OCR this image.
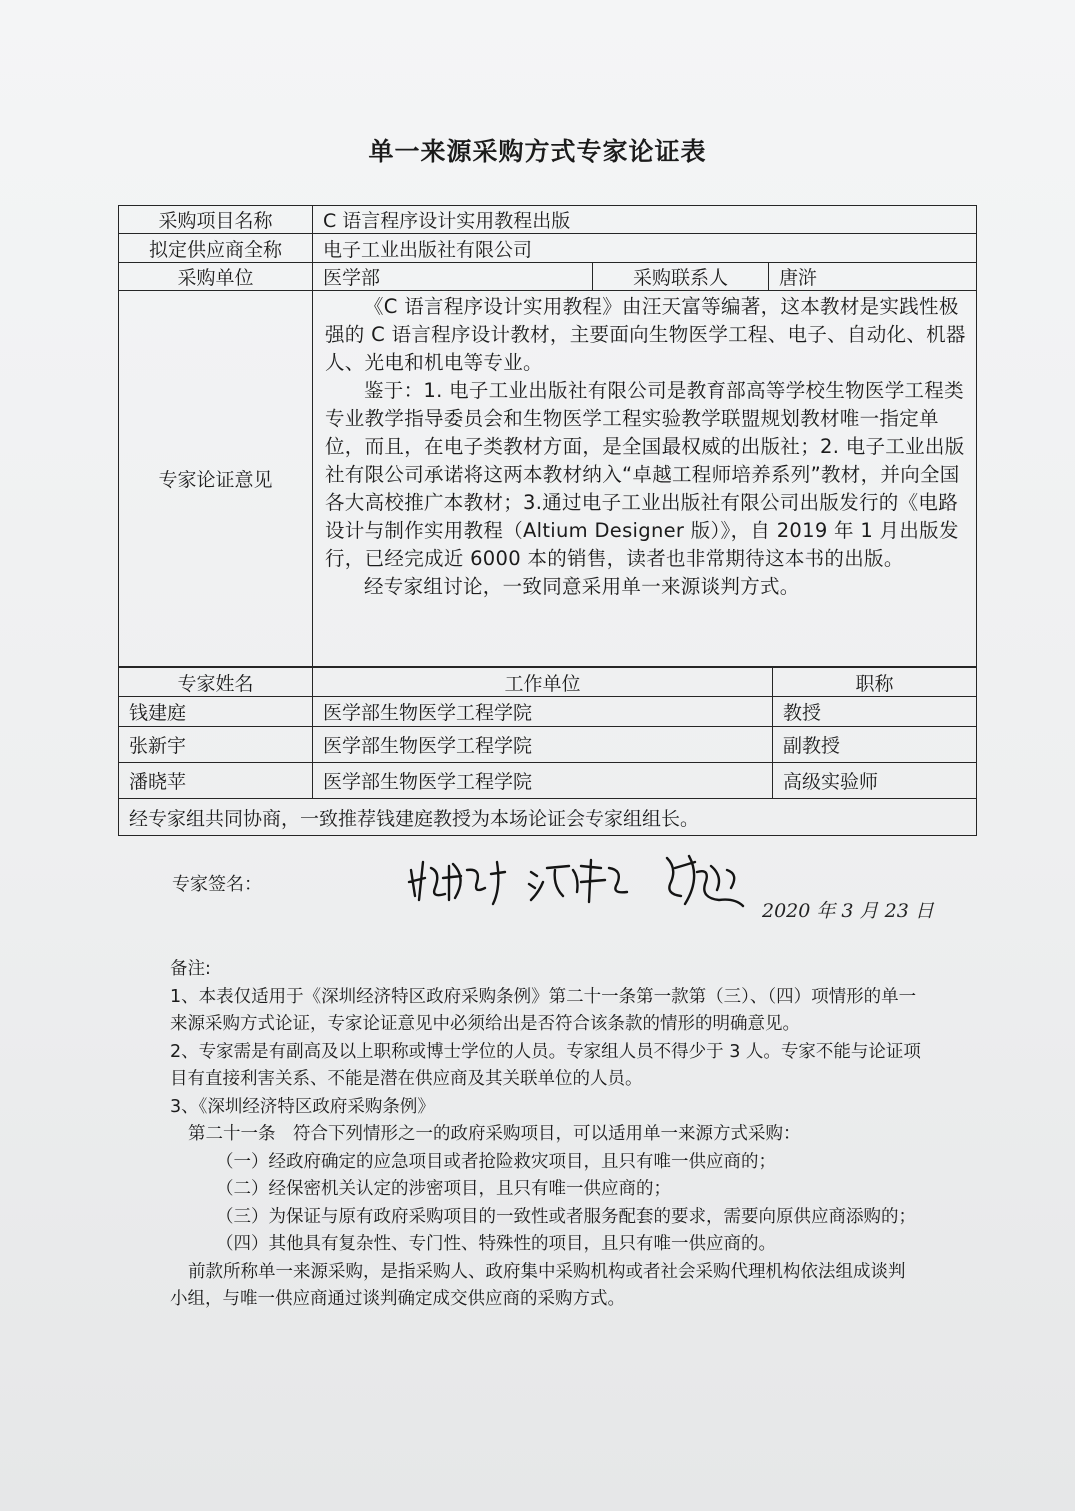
单一来源采购方式专家论证表
采购项目名称	C 语言程序设计实用教程出版		
拟定供应商全称	电子工业出版社有限公司		
采购单位	医学部	采购联系人	唐浒
专家论证意见	《C 语言程序设计实用教程》由汪天富等编著，这本教材是实践性极强的 C 语言程序设计教材，主要面向生物医学工程、电子、自动化、机器人、光电和机电等专业。

鉴于：1. 电子工业出版社有限公司是教育部高等学校生物医学工程类专业教学指导委员会和生物医学工程实验教学联盟规划教材唯一指定单位，而且，在电子类教材方面，是全国最权威的出版社；2. 电子工业出版社有限公司承诺将这两本教材纳入“卓越工程师培养系列”教材，并向全国各大高校推广本教材；3.通过电子工业出版社有限公司出版发行的《电路设计与制作实用教程（Altium Designer 版）》，自 2019 年 1 月出版发行，已经完成近 6000 本的销售，读者也非常期待这本书的出版。

经专家组讨论，一致同意采用单一来源谈判方式。		

专家姓名	工作单位	职称
钱建庭	医学部生物医学工程学院	教授
张新宇	医学部生物医学工程学院	副教授
潘晓苹	医学部生物医学工程学院	高级实验师
经专家组共同协商，一致推荐钱建庭教授为本场论证会专家组组长。		
专家签名：
2020 年 3 月 23 日
备注:
1、本表仅适用于《深圳经济特区政府采购条例》第二十一条第一款第（三）、（四）项情形的单一来源采购方式论证，专家论证意见中必须给出是否符合该条款的情形的明确意见。
2、专家需是有副高及以上职称或博士学位的人员。专家组人员不得少于 3 人。专家不能与论证项目有直接利害关系、不能是潜在供应商及其关联单位的人员。
3、《深圳经济特区政府采购条例》
第二十一条　符合下列情形之一的政府采购项目，可以适用单一来源方式采购：
（一）经政府确定的应急项目或者抢险救灾项目，且只有唯一供应商的；
（二）经保密机关认定的涉密项目，且只有唯一供应商的；
（三）为保证与原有政府采购项目的一致性或者服务配套的要求，需要向原供应商添购的；
（四）其他具有复杂性、专门性、特殊性的项目，且只有唯一供应商的。
前款所称单一来源采购，是指采购人、政府集中采购机构或者社会采购代理机构依法组成谈判小组，与唯一供应商通过谈判确定成交供应商的采购方式。
